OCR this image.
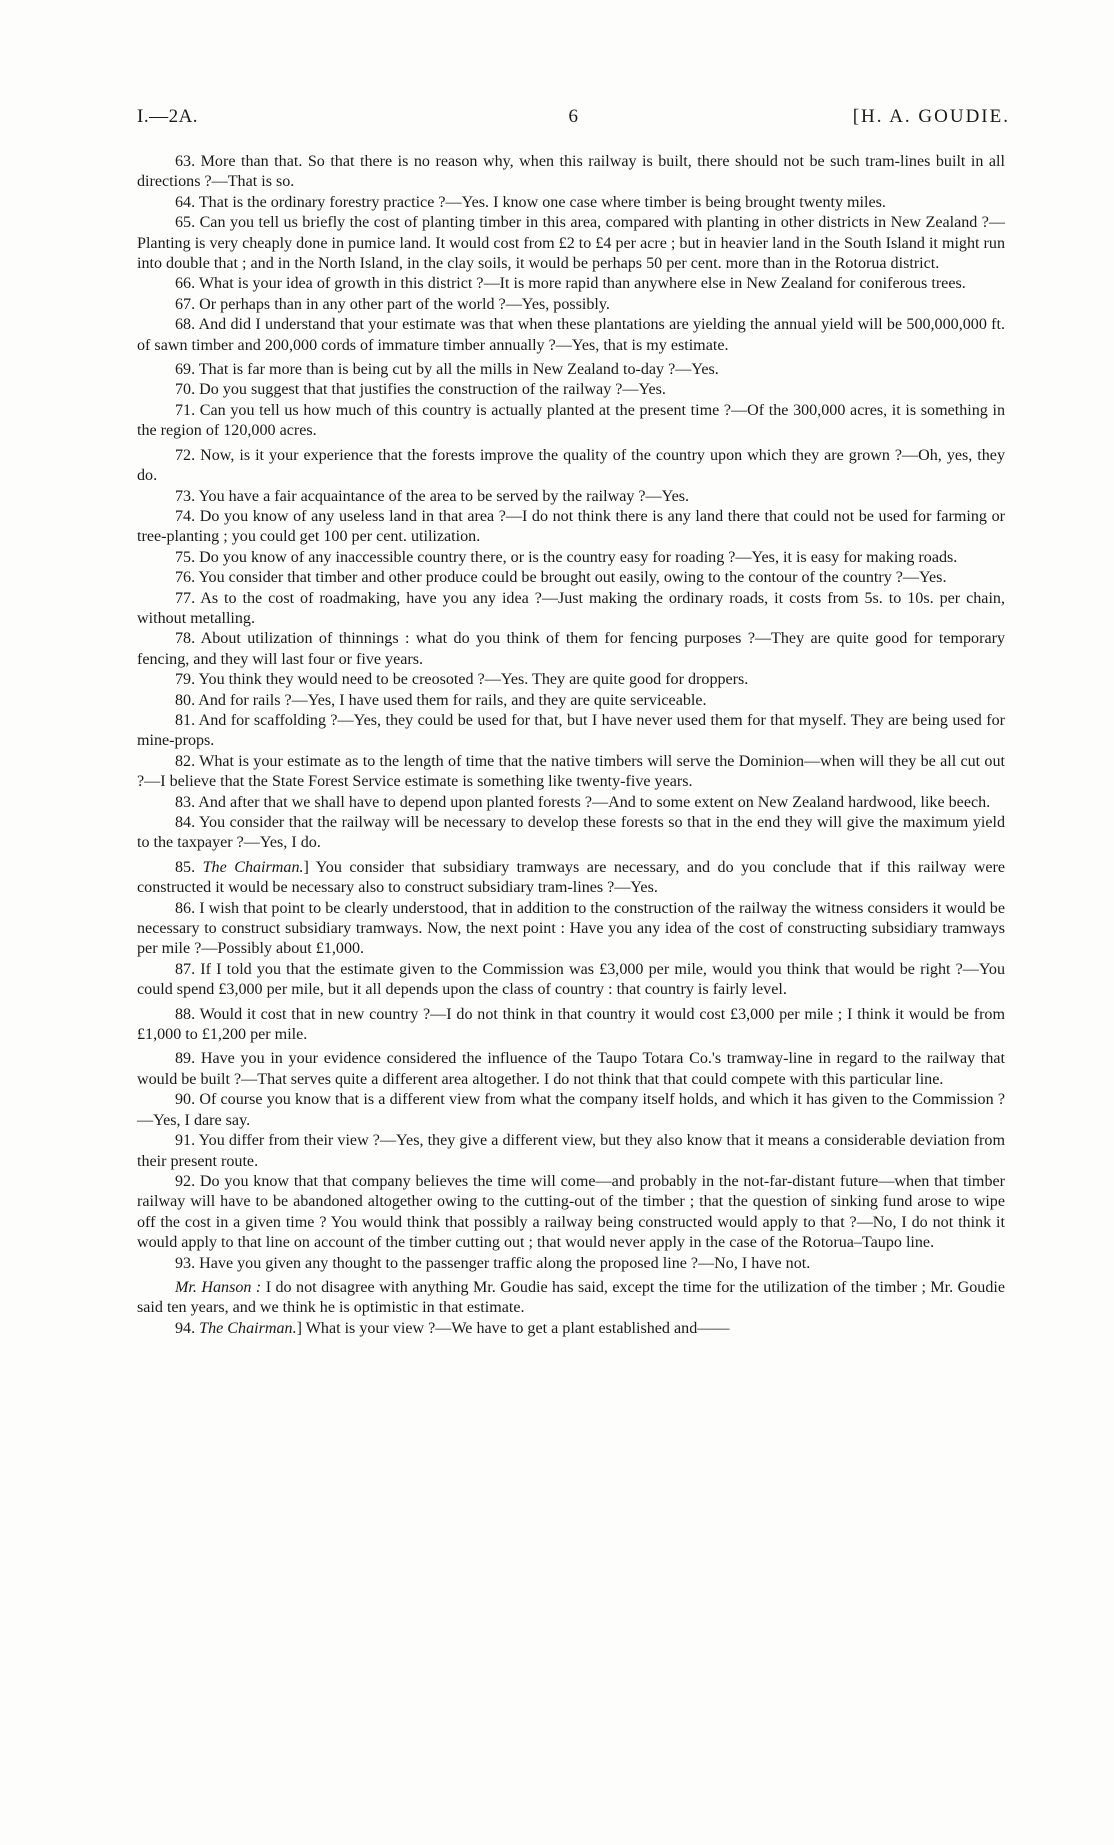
I.—2A.	6	[H. A. GOUDIE.

63. More than that. So that there is no reason why, when this railway is built, there should not be such tram-lines built in all directions ?—That is so.

64. That is the ordinary forestry practice ?—Yes. I know one case where timber is being brought twenty miles.

65. Can you tell us briefly the cost of planting timber in this area, compared with planting in other districts in New Zealand ?—Planting is very cheaply done in pumice land. It would cost from £2 to £4 per acre ; but in heavier land in the South Island it might run into double that ; and in the North Island, in the clay soils, it would be perhaps 50 per cent. more than in the Rotorua district.

66. What is your idea of growth in this district ?—It is more rapid than anywhere else in New Zealand for coniferous trees.

67. Or perhaps than in any other part of the world ?—Yes, possibly.

68. And did I understand that your estimate was that when these plantations are yielding the annual yield will be 500,000,000 ft. of sawn timber and 200,000 cords of immature timber annually ?—Yes, that is my estimate.

69. That is far more than is being cut by all the mills in New Zealand to-day ?—Yes.

70. Do you suggest that that justifies the construction of the railway ?—Yes.

71. Can you tell us how much of this country is actually planted at the present time ?—Of the 300,000 acres, it is something in the region of 120,000 acres.

72. Now, is it your experience that the forests improve the quality of the country upon which they are grown ?—Oh, yes, they do.

73. You have a fair acquaintance of the area to be served by the railway ?—Yes.

74. Do you know of any useless land in that area ?—I do not think there is any land there that could not be used for farming or tree-planting ; you could get 100 per cent. utilization.

75. Do you know of any inaccessible country there, or is the country easy for roading ?—Yes, it is easy for making roads.

76. You consider that timber and other produce could be brought out easily, owing to the contour of the country ?—Yes.

77. As to the cost of roadmaking, have you any idea ?—Just making the ordinary roads, it costs from 5s. to 10s. per chain, without metalling.

78. About utilization of thinnings : what do you think of them for fencing purposes ?—They are quite good for temporary fencing, and they will last four or five years.

79. You think they would need to be creosoted ?—Yes. They are quite good for droppers.

80. And for rails ?—Yes, I have used them for rails, and they are quite serviceable.

81. And for scaffolding ?—Yes, they could be used for that, but I have never used them for that myself. They are being used for mine-props.

82. What is your estimate as to the length of time that the native timbers will serve the Dominion—when will they be all cut out ?—I believe that the State Forest Service estimate is something like twenty-five years.

83. And after that we shall have to depend upon planted forests ?—And to some extent on New Zealand hardwood, like beech.

84. You consider that the railway will be necessary to develop these forests so that in the end they will give the maximum yield to the taxpayer ?—Yes, I do.

85. The Chairman.] You consider that subsidiary tramways are necessary, and do you conclude that if this railway were constructed it would be necessary also to construct subsidiary tram-lines ?—Yes.

86. I wish that point to be clearly understood, that in addition to the construction of the railway the witness considers it would be necessary to construct subsidiary tramways. Now, the next point : Have you any idea of the cost of constructing subsidiary tramways per mile ?—Possibly about £1,000.

87. If I told you that the estimate given to the Commission was £3,000 per mile, would you think that would be right ?—You could spend £3,000 per mile, but it all depends upon the class of country : that country is fairly level.

88. Would it cost that in new country ?—I do not think in that country it would cost £3,000 per mile ; I think it would be from £1,000 to £1,200 per mile.

89. Have you in your evidence considered the influence of the Taupo Totara Co.'s tramway-line in regard to the railway that would be built ?—That serves quite a different area altogether. I do not think that that could compete with this particular line.

90. Of course you know that is a different view from what the company itself holds, and which it has given to the Commission ?—Yes, I dare say.

91. You differ from their view ?—Yes, they give a different view, but they also know that it means a considerable deviation from their present route.

92. Do you know that that company believes the time will come—and probably in the not-far-distant future—when that timber railway will have to be abandoned altogether owing to the cutting-out of the timber ; that the question of sinking fund arose to wipe off the cost in a given time ? You would think that possibly a railway being constructed would apply to that ?—No, I do not think it would apply to that line on account of the timber cutting out ; that would never apply in the case of the Rotorua–Taupo line.

93. Have you given any thought to the passenger traffic along the proposed line ?—No, I have not.

Mr. Hanson : I do not disagree with anything Mr. Goudie has said, except the time for the utilization of the timber ; Mr. Goudie said ten years, and we think he is optimistic in that estimate.

94. The Chairman.] What is your view ?—We have to get a plant established and——
